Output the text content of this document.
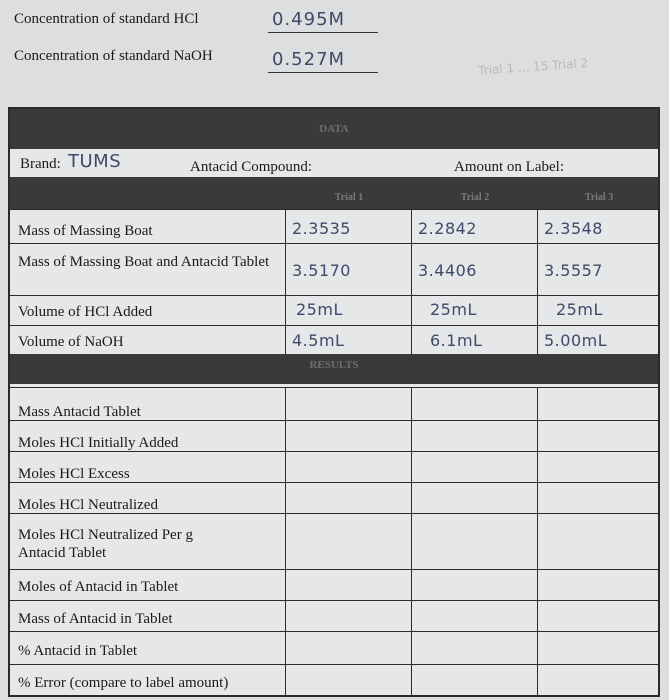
Concentration of standard HCl	0.495M
Concentration of standard NaOH	0.527M	Trial 1 ... 15 Trial 2
DATA
Brand: TUMS	Antacid Compound:	Amount on Label:
Trial 1	Trial 2	Trial 3
Mass of Massing Boat	2.3535	2.2842	2.3548
Mass of Massing Boat and Antacid Tablet 3.5170	3.4406	3.5557
Volume of HCl Added	25mL	25mL	25mL
Volume of NaOH	4.5mL	6.1mL	5.00mL
RESULTS
Mass Antacid Tablet
Moles HCl Initially Added
Moles HCl Excess
Moles HCl Neutralized
Moles HCl Neutralized Per g Antacid Tablet
Moles of Antacid in Tablet
Mass of Antacid in Tablet
% Antacid in Tablet
% Error (compare to label amount)
